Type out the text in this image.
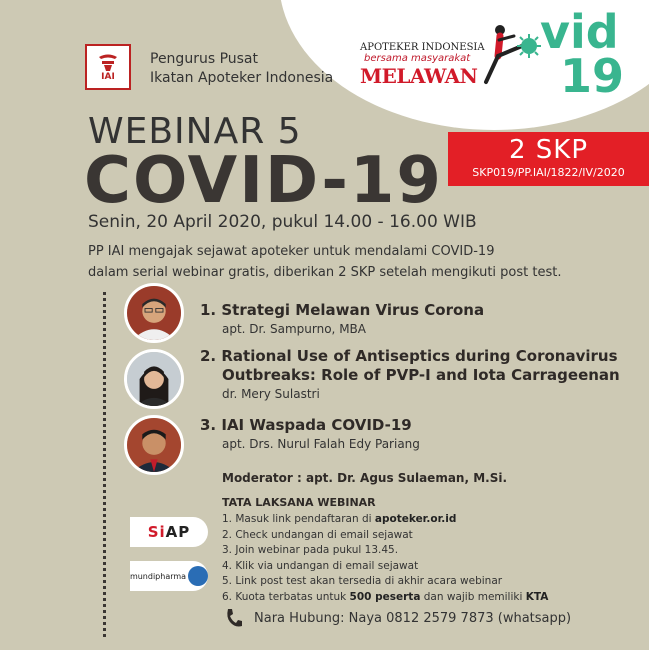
IAI
Pengurus Pusat
Ikatan Apoteker Indonesia
APOTEKER INDONESIA
bersama masyarakat
MELAWAN
vid
19
WEBINAR 5
COVID-19	2 SKP
SKP019/PP.IAI/1822/IV/2020
Senin, 20 April 2020, pukul 14.00 - 16.00 WIB
PP IAI mengajak sejawat apoteker untuk mendalami COVID-19
dalam serial webinar gratis, diberikan 2 SKP setelah mengikuti post test.
1. Strategi Melawan Virus Corona
apt. Dr. Sampurno, MBA
2. Rational Use of Antiseptics during Coronavirus
Outbreaks: Role of PVP-I and Iota Carrageenan
dr. Mery Sulastri
3. IAI Waspada COVID-19
apt. Drs. Nurul Falah Edy Pariang
Moderator : apt. Dr. Agus Sulaeman, M.Si.
TATA LAKSANA WEBINAR
1. Masuk link pendaftaran di apoteker.or.id
2. Check undangan di email sejawat
3. Join webinar pada pukul 13.45.
4. Klik via undangan di email sejawat
5. Link post test akan tersedia di akhir acara webinar
6. Kuota terbatas untuk 500 peserta dan wajib memiliki KTA
SiAP
mundipharma
Nara Hubung: Naya 0812 2579 7873 (whatsapp)
